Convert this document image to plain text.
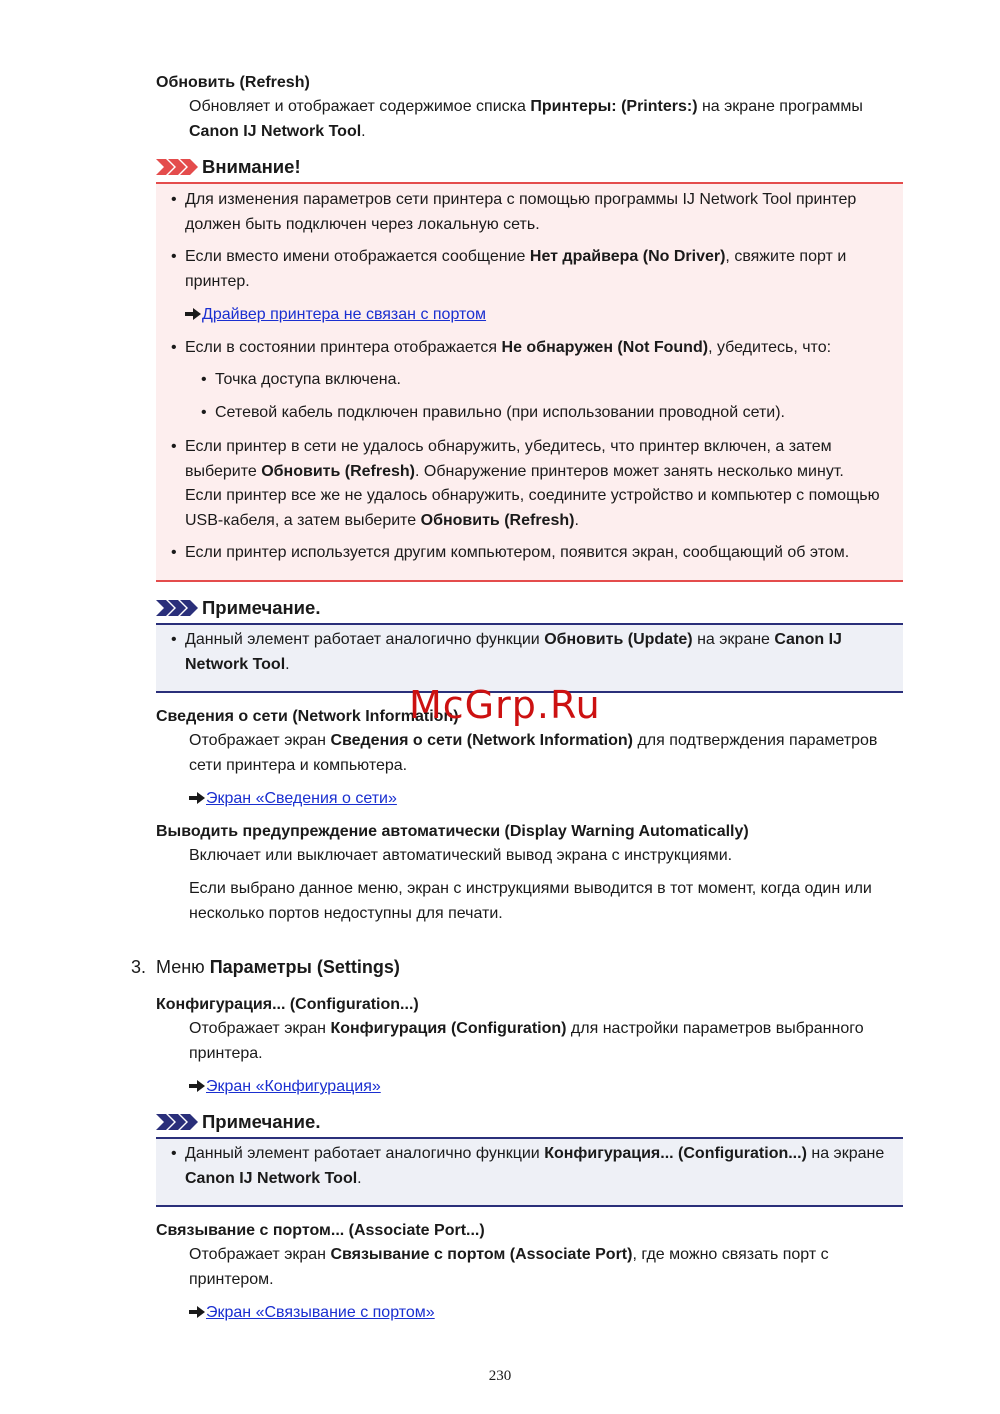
Обновить (Refresh)
Обновляет и отображает содержимое списка Принтеры: (Printers:) на экране программы
Canon IJ Network Tool.
Внимание!
• Для изменения параметров сети принтера с помощью программы IJ Network Tool принтер должен быть подключен через локальную сеть.
• Если вместо имени отображается сообщение Нет драйвера (No Driver), свяжите порт и принтер.
Драйвер принтера не связан с портом
• Если в состоянии принтера отображается Не обнаружен (Not Found), убедитесь, что:
• Точка доступа включена.
• Сетевой кабель подключен правильно (при использовании проводной сети).
• Если принтер в сети не удалось обнаружить, убедитесь, что принтер включен, а затем выберите Обновить (Refresh). Обнаружение принтеров может занять несколько минут. Если принтер все же не удалось обнаружить, соедините устройство и компьютер с помощью USB-кабеля, а затем выберите Обновить (Refresh).
• Если принтер используется другим компьютером, появится экран, сообщающий об этом.
Примечание.
• Данный элемент работает аналогично функции Обновить (Update) на экране Canon IJ Network Tool.
Сведения о сети (Network Information)
Отображает экран Сведения о сети (Network Information) для подтверждения параметров сети принтера и компьютера.
Экран «Сведения о сети»
Выводить предупреждение автоматически (Display Warning Automatically)
Включает или выключает автоматический вывод экрана с инструкциями.
Если выбрано данное меню, экран с инструкциями выводится в тот момент, когда один или несколько портов недоступны для печати.
3. Меню Параметры (Settings)
Конфигурация... (Configuration...)
Отображает экран Конфигурация (Configuration) для настройки параметров выбранного принтера.
Экран «Конфигурация»
Примечание.
• Данный элемент работает аналогично функции Конфигурация... (Configuration...) на экране Canon IJ Network Tool.
Связывание с портом... (Associate Port...)
Отображает экран Связывание с портом (Associate Port), где можно связать порт с принтером.
Экран «Связывание с портом»
McGrp.Ru
230
